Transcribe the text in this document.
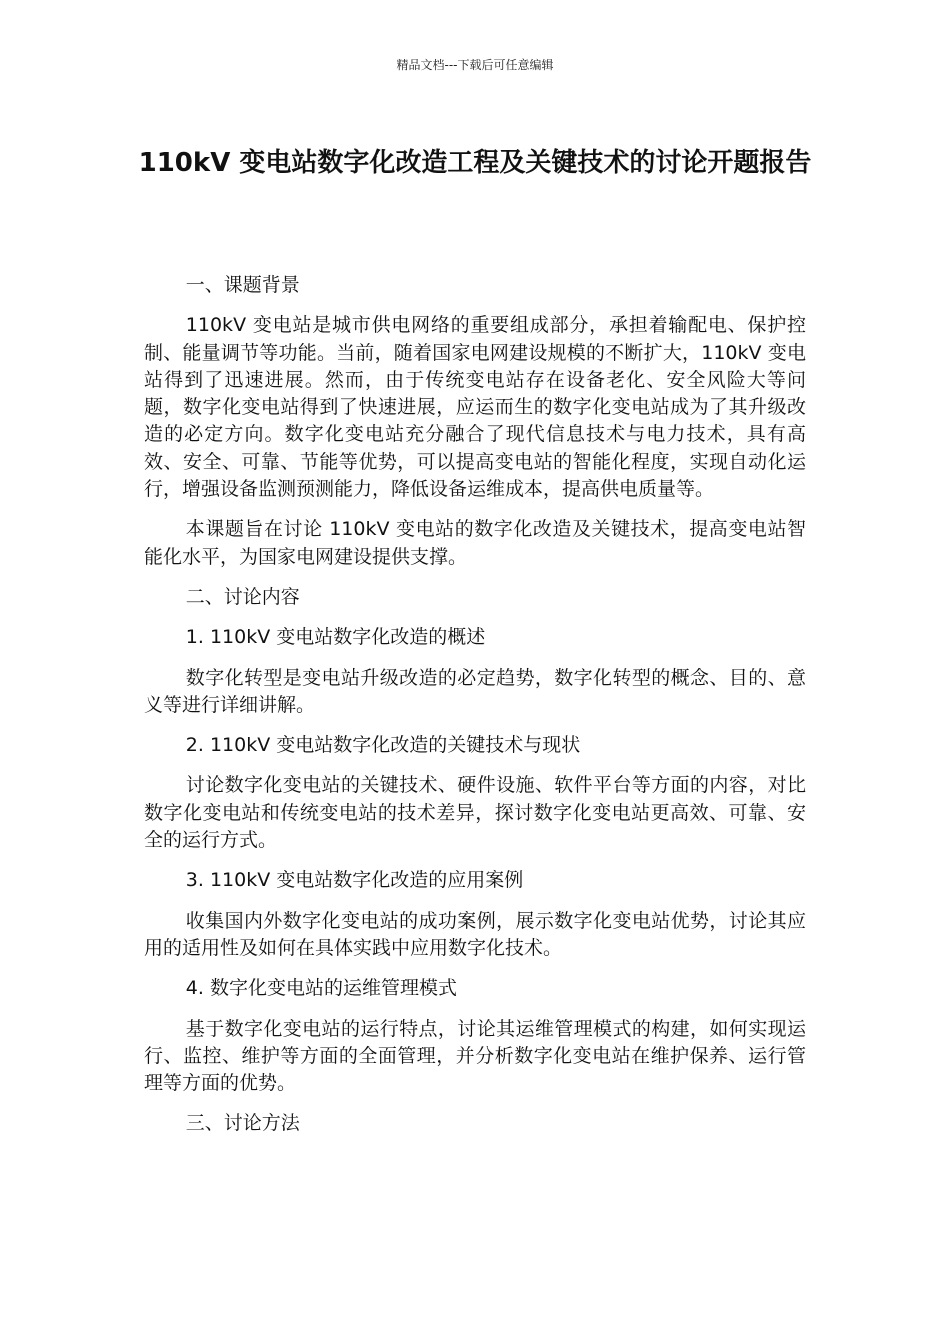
精品文档---下载后可任意编辑
110kV 变电站数字化改造工程及关键技术的讨论开题报告

一、课题背景

110kV 变电站是城市供电网络的重要组成部分，承担着输配电、保护控制、能量调节等功能。当前，随着国家电网建设规模的不断扩大，110kV 变电站得到了迅速进展。然而，由于传统变电站存在设备老化、安全风险大等问题，数字化变电站得到了快速进展，应运而生的数字化变电站成为了其升级改造的必定方向。数字化变电站充分融合了现代信息技术与电力技术，具有高效、安全、可靠、节能等优势，可以提高变电站的智能化程度，实现自动化运行，增强设备监测预测能力，降低设备运维成本，提高供电质量等。

本课题旨在讨论 110kV 变电站的数字化改造及关键技术，提高变电站智能化水平，为国家电网建设提供支撑。

二、讨论内容

1. 110kV 变电站数字化改造的概述

数字化转型是变电站升级改造的必定趋势，数字化转型的概念、目的、意义等进行详细讲解。

2. 110kV 变电站数字化改造的关键技术与现状

讨论数字化变电站的关键技术、硬件设施、软件平台等方面的内容，对比数字化变电站和传统变电站的技术差异，探讨数字化变电站更高效、可靠、安全的运行方式。

3. 110kV 变电站数字化改造的应用案例

收集国内外数字化变电站的成功案例，展示数字化变电站优势，讨论其应用的适用性及如何在具体实践中应用数字化技术。

4. 数字化变电站的运维管理模式

基于数字化变电站的运行特点，讨论其运维管理模式的构建，如何实现运行、监控、维护等方面的全面管理，并分析数字化变电站在维护保养、运行管理等方面的优势。

三、讨论方法
